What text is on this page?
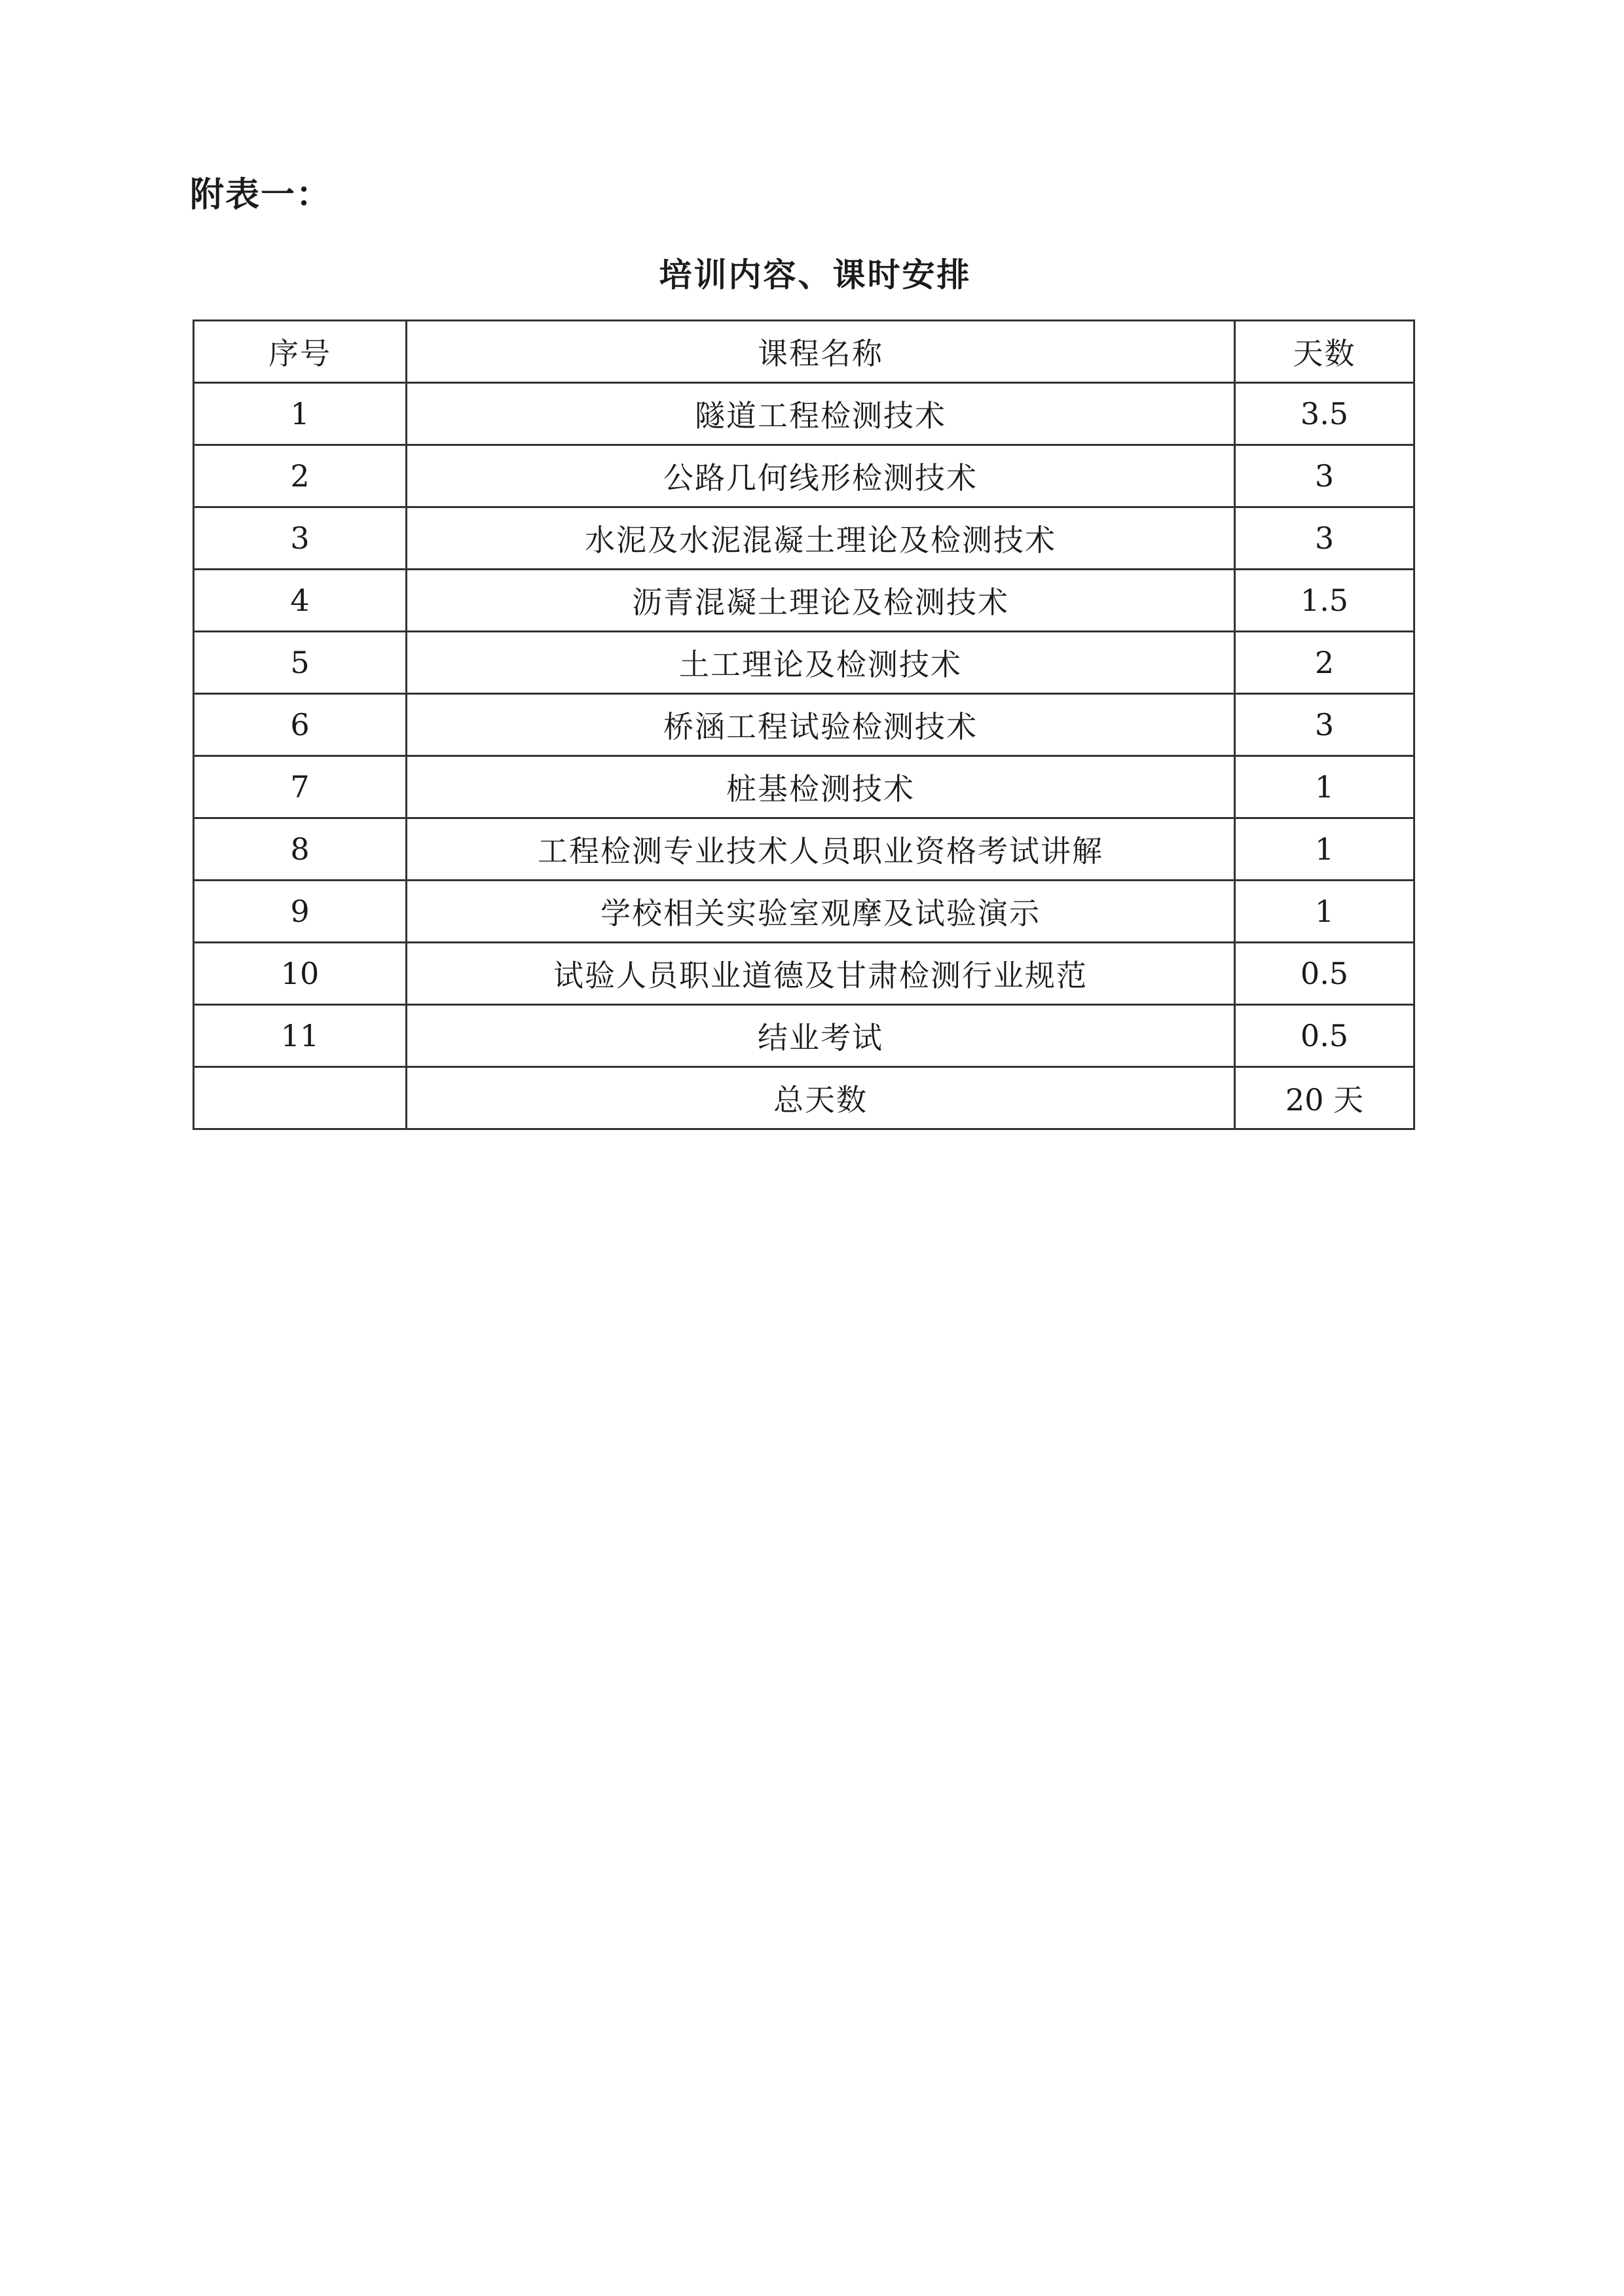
附表一：
培训内容、课时安排
序号	课程名称	天数
1	隧道工程检测技术	3.5
2	公路几何线形检测技术	3
3	水泥及水泥混凝土理论及检测技术	3
4	沥青混凝土理论及检测技术	1.5
5	土工理论及检测技术	2
6	桥涵工程试验检测技术	3
7	桩基检测技术	1
8	工程检测专业技术人员职业资格考试讲解	1
9	学校相关实验室观摩及试验演示	1
10	试验人员职业道德及甘肃检测行业规范	0.5
11	结业考试	0.5
	总天数	20 天
